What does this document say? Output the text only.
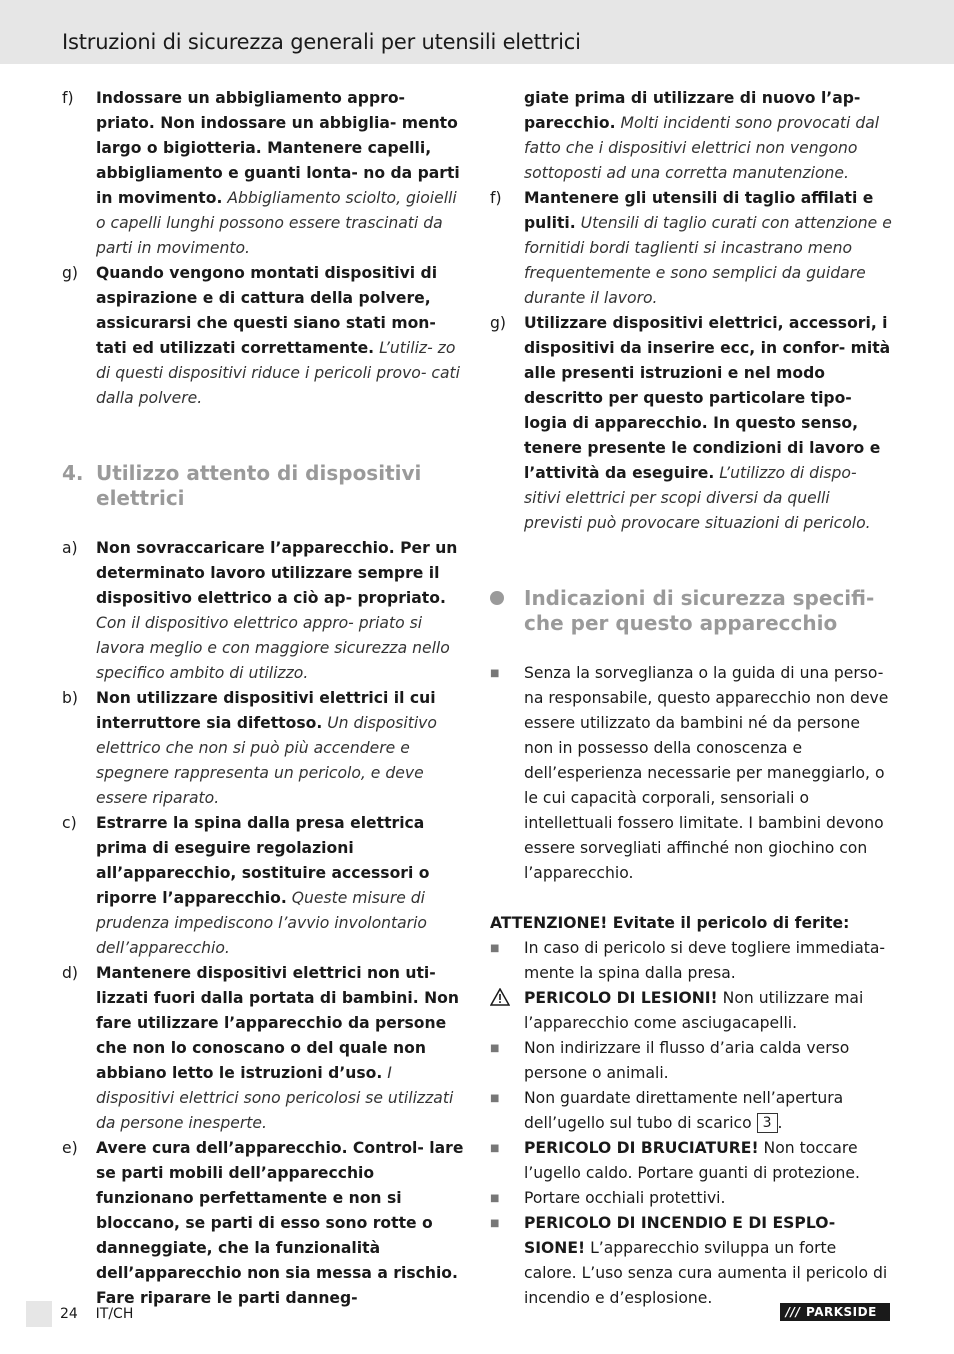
Istruzioni di sicurezza generali per utensili elettrici
f)	Indossare un abbigliamento appro- priato. Non indossare un abbiglia- mento largo o bigiotteria. Mantenere capelli, abbigliamento e guanti lonta- no da parti in movimento. Abbigliamento sciolto, gioielli o capelli lunghi possono essere trascinati da parti in movimento.
g)	Quando vengono montati dispositivi di aspirazione e di cattura della polvere, assicurarsi che questi siano stati mon- tati ed utilizzati correttamente. L’utiliz- zo di questi dispositivi riduce i pericoli provo- cati dalla polvere.
4. Utilizzo attento di dispositivi elettrici
a)	Non sovraccaricare l’apparecchio. Per un determinato lavoro utilizzare sempre il dispositivo elettrico a ciò ap- propriato. Con il dispositivo elettrico appro- priato si lavora meglio e con maggiore sicurezza nello specifico ambito di utilizzo.
b)	Non utilizzare dispositivi elettrici il cui interruttore sia difettoso. Un dispositivo elettrico che non si può più accendere e spegnere rappresenta un pericolo, e deve essere riparato.
c)	Estrarre la spina dalla presa elettrica prima di eseguire regolazioni all’apparecchio, sostituire accessori o riporre l’apparecchio. Queste misure di prudenza impediscono l’avvio involontario dell’apparecchio.
d)	Mantenere dispositivi elettrici non uti- lizzati fuori dalla portata di bambini. Non fare utilizzare l’apparecchio da persone che non lo conoscano o del quale non abbiano letto le istruzioni d’uso. I dispositivi elettrici sono pericolosi se utilizzati da persone inesperte.
e)	Avere cura dell’apparecchio. Control- lare se parti mobili dell’apparecchio funzionano perfettamente e non si bloccano, se parti di esso sono rotte o danneggiate, che la funzionalità dell’apparecchio non sia messa a rischio. Fare riparare le parti danneg-
giate prima di utilizzare di nuovo l’ap- parecchio. Molti incidenti sono provocati dal fatto che i dispositivi elettrici non vengono sottoposti ad una corretta manutenzione.
f)	Mantenere gli utensili di taglio affilati e puliti. Utensili di taglio curati con attenzione e fornitidi bordi taglienti si incastrano meno frequentemente e sono semplici da guidare durante il lavoro.
g)	Utilizzare dispositivi elettrici, accessori, i dispositivi da inserire ecc, in confor- mità alle presenti istruzioni e nel modo descritto per questo particolare tipo- logia di apparecchio. In questo senso, tenere presente le condizioni di lavoro e l’attività da eseguire. L’utilizzo di dispo- sitivi elettrici per scopi diversi da quelli previsti può provocare situazioni di pericolo.
Indicazioni di sicurezza specifi- che per questo apparecchio
■	Senza la sorveglianza o la guida di una perso- na responsabile, questo apparecchio non deve essere utilizzato da bambini né da persone non in possesso della conoscenza e dell’esperienza necessarie per maneggiarlo, o le cui capacità corporali, sensoriali o intellettuali fossero limitate. I bambini devono essere sorvegliati affinché non giochino con l’apparecchio.
ATTENZIONE! Evitate il pericolo di ferite:
■	In caso di pericolo si deve togliere immediata- mente la spina dalla presa.
PERICOLO DI LESIONI! Non utilizzare mai l’apparecchio come asciugacapelli.
■	Non indirizzare il flusso d’aria calda verso persone o animali.
■	Non guardate direttamente nell’apertura dell’ugello sul tubo di scarico 3 .
■	PERICOLO DI BRUCIATURE! Non toccare l’ugello caldo. Portare guanti di protezione.
■	Portare occhiali protettivi.
■	PERICOLO DI INCENDIO E DI ESPLO- SIONE! L’apparecchio sviluppa un forte calore. L’uso senza cura aumenta il pericolo di incendio e d’esplosione.
24 IT/CH	/// PARKSIDE
